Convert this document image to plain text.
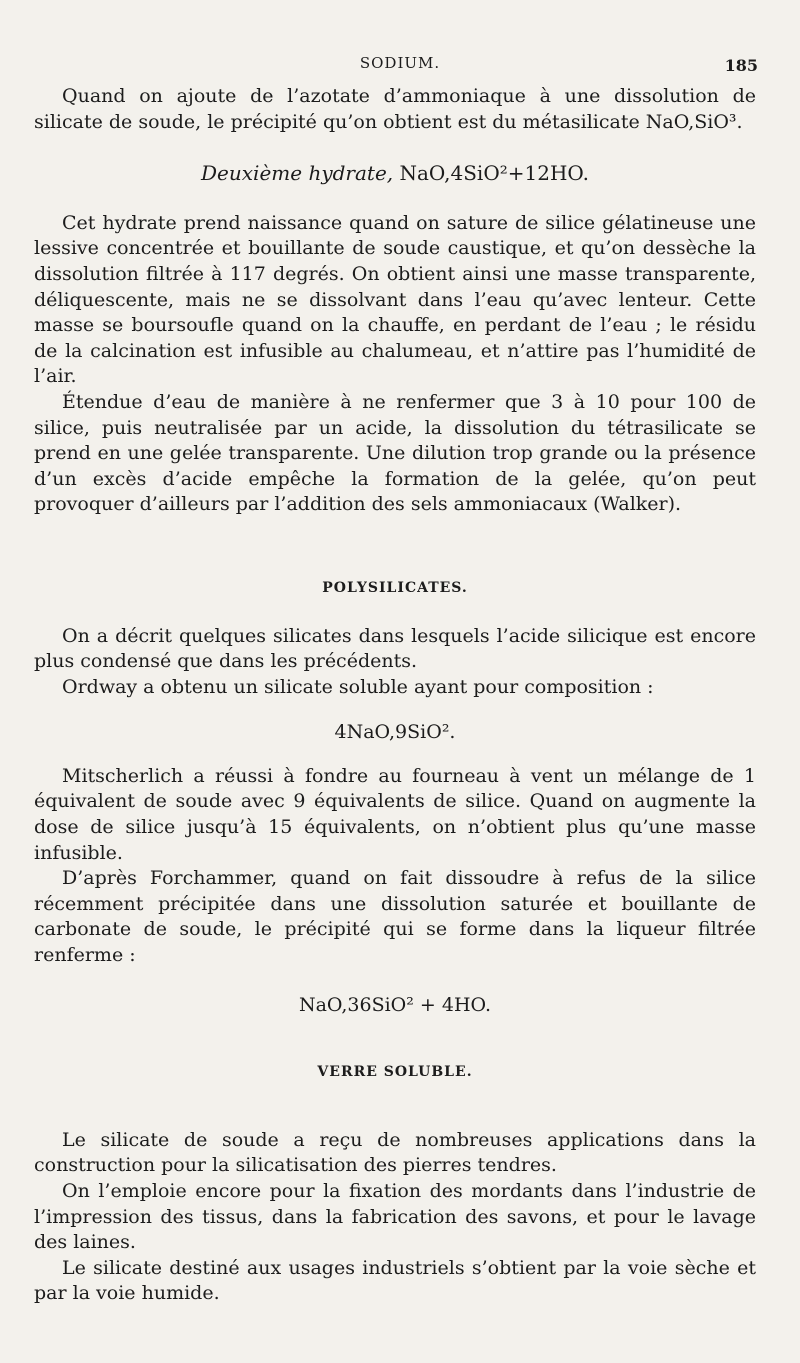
SODIUM.	185

Quand on ajoute de l’azotate d’ammoniaque à une dissolution de silicate de soude, le précipité qu’on obtient est du métasilicate NaO,SiO³.

Deuxième hydrate, NaO,4SiO²+12HO.

Cet hydrate prend naissance quand on sature de silice gélatineuse une lessive concentrée et bouillante de soude caustique, et qu’on dessèche la dissolution filtrée à 117 degrés. On obtient ainsi une masse transparente, déliquescente, mais ne se dissolvant dans l’eau qu’avec lenteur. Cette masse se boursoufle quand on la chauffe, en perdant de l’eau ; le résidu de la calcination est infusible au chalumeau, et n’attire pas l’humidité de l’air.

Étendue d’eau de manière à ne renfermer que 3 à 10 pour 100 de silice, puis neutralisée par un acide, la dissolution du tétrasilicate se prend en une gelée transparente. Une dilution trop grande ou la présence d’un excès d’acide empêche la formation de la gelée, qu’on peut provoquer d’ailleurs par l’addition des sels ammoniacaux (Walker).

POLYSILICATES.

On a décrit quelques silicates dans lesquels l’acide silicique est encore plus condensé que dans les précédents.

Ordway a obtenu un silicate soluble ayant pour composition :

4NaO,9SiO².

Mitscherlich a réussi à fondre au fourneau à vent un mélange de 1 équivalent de soude avec 9 équivalents de silice. Quand on augmente la dose de silice jusqu’à 15 équivalents, on n’obtient plus qu’une masse infusible.

D’après Forchammer, quand on fait dissoudre à refus de la silice récemment précipitée dans une dissolution saturée et bouillante de carbonate de soude, le précipité qui se forme dans la liqueur filtrée renferme :

NaO,36SiO² + 4HO.
VERRE SOLUBLE.

Le silicate de soude a reçu de nombreuses applications dans la construction pour la silicatisation des pierres tendres.

On l’emploie encore pour la fixation des mordants dans l’industrie de l’impression des tissus, dans la fabrication des savons, et pour le lavage des laines.

Le silicate destiné aux usages industriels s’obtient par la voie sèche et par la voie humide.
